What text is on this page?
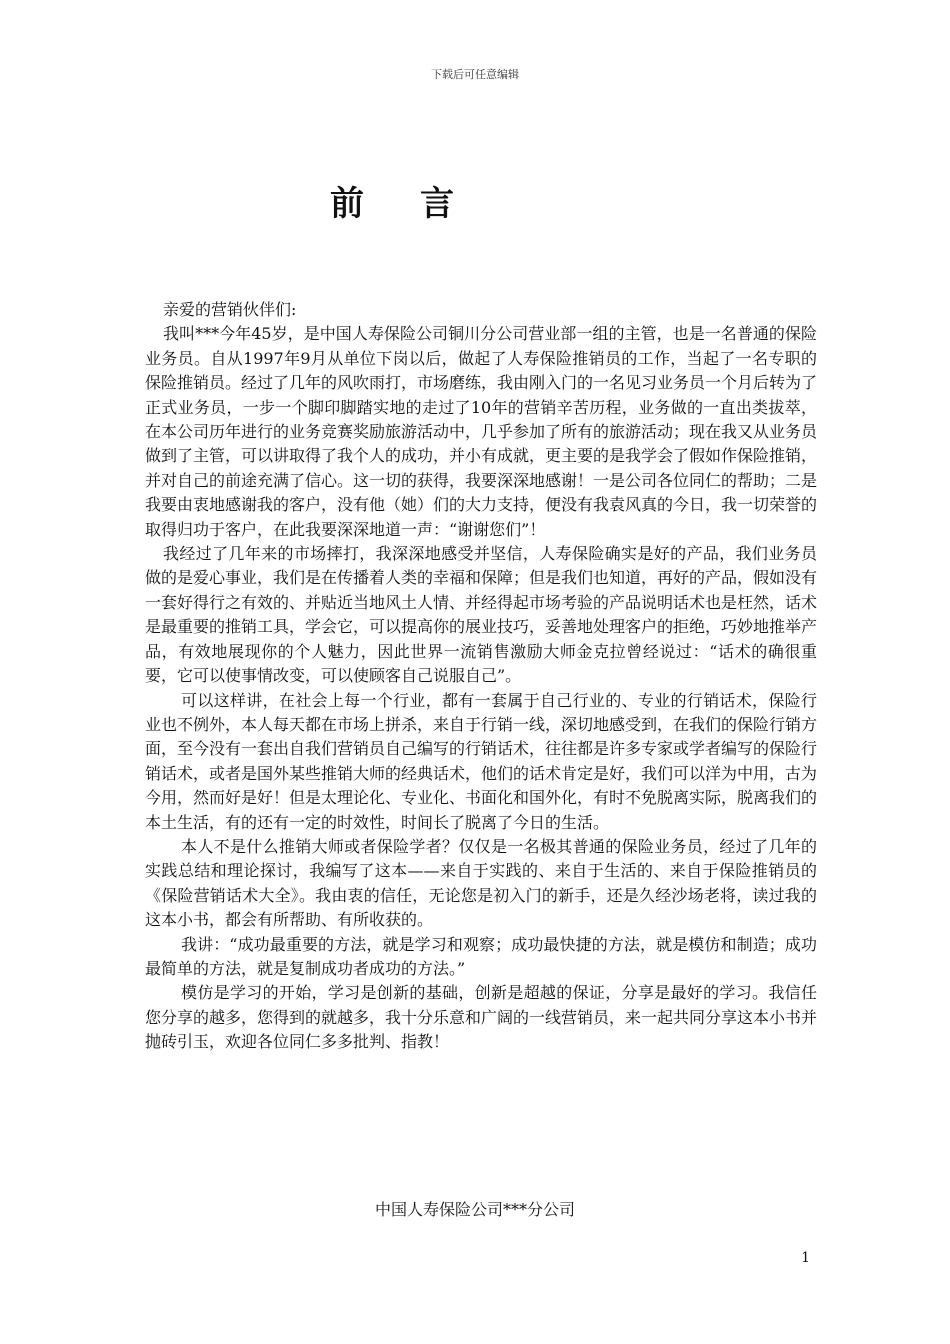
下载后可任意编辑
前言

亲爱的营销伙伴们:

我叫***今年45岁，是中国人寿保险公司铜川分公司营业部一组的主管，也是一名普通的保险业务员。自从1997年9月从单位下岗以后，做起了人寿保险推销员的工作，当起了一名专职的保险推销员。经过了几年的风吹雨打，市场磨练，我由刚入门的一名见习业务员一个月后转为了正式业务员，一步一个脚印脚踏实地的走过了10年的营销辛苦历程，业务做的一直出类拔萃，在本公司历年进行的业务竞赛奖励旅游活动中，几乎参加了所有的旅游活动；现在我又从业务员做到了主管，可以讲取得了我个人的成功，并小有成就，更主要的是我学会了假如作保险推销，并对自己的前途充满了信心。这一切的获得，我要深深地感谢！一是公司各位同仁的帮助；二是我要由衷地感谢我的客户，没有他（她）们的大力支持，便没有我袁风真的今日，我一切荣誉的取得归功于客户，在此我要深深地道一声：“谢谢您们”！

我经过了几年来的市场摔打，我深深地感受并坚信，人寿保险确实是好的产品，我们业务员做的是爱心事业，我们是在传播着人类的幸福和保障；但是我们也知道，再好的产品，假如没有一套好得行之有效的、并贴近当地风土人情、并经得起市场考验的产品说明话术也是枉然，话术是最重要的推销工具，学会它，可以提高你的展业技巧，妥善地处理客户的拒绝，巧妙地推举产品，有效地展现你的个人魅力，因此世界一流销售激励大师金克拉曾经说过：“话术的确很重要，它可以使事情改变，可以使顾客自己说服自己”。

可以这样讲，在社会上每一个行业，都有一套属于自己行业的、专业的行销话术，保险行业也不例外，本人每天都在市场上拼杀，来自于行销一线，深切地感受到，在我们的保险行销方面，至今没有一套出自我们营销员自己编写的行销话术，往往都是许多专家或学者编写的保险行销话术，或者是国外某些推销大师的经典话术，他们的话术肯定是好，我们可以洋为中用，古为今用，然而好是好！但是太理论化、专业化、书面化和国外化，有时不免脱离实际，脱离我们的本土生活，有的还有一定的时效性，时间长了脱离了今日的生活。

本人不是什么推销大师或者保险学者？仅仅是一名极其普通的保险业务员，经过了几年的实践总结和理论探讨，我编写了这本——来自于实践的、来自于生活的、来自于保险推销员的《保险营销话术大全》。我由衷的信任，无论您是初入门的新手，还是久经沙场老将，读过我的这本小书，都会有所帮助、有所收获的。

我讲：“成功最重要的方法，就是学习和观察；成功最快捷的方法，就是模仿和制造；成功最简单的方法，就是复制成功者成功的方法。”

模仿是学习的开始，学习是创新的基础，创新是超越的保证，分享是最好的学习。我信任您分享的越多，您得到的就越多，我十分乐意和广阔的一线营销员，来一起共同分享这本小书并抛砖引玉，欢迎各位同仁多多批判、指教！

中国人寿保险公司***分公司
1
